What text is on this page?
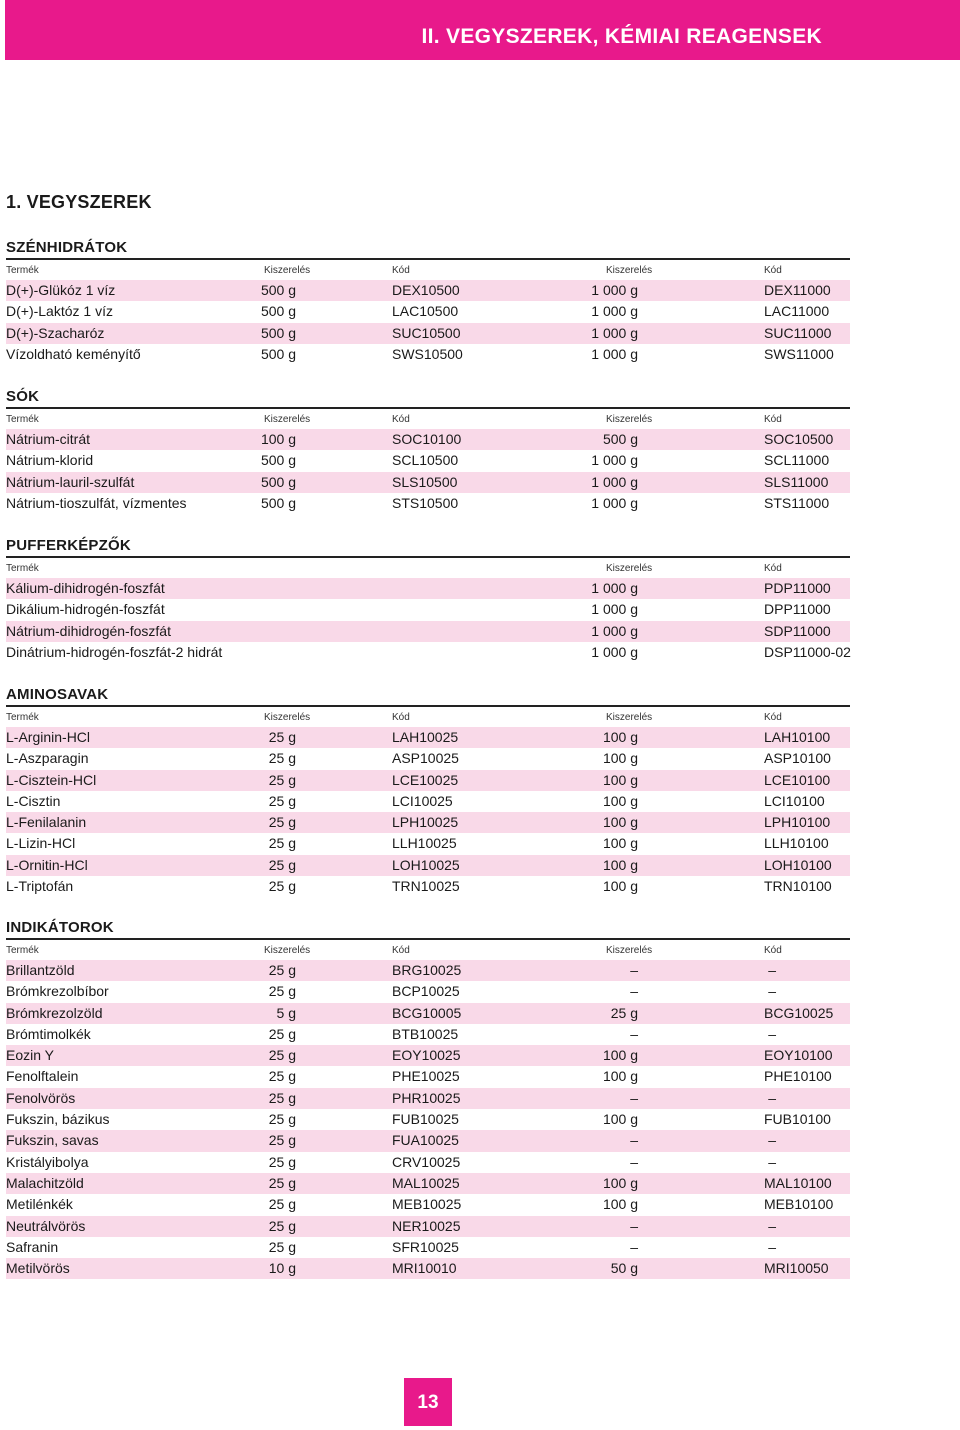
II. VEGYSZEREK, KÉMIAI REAGENSEK
1. VEGYSZEREK
SZÉNHIDRÁTOK
Termék	Kiszerelés	Kód	Kiszerelés	Kód
D(+)-Glükóz 1 víz	500 g	DEX10500	1 000 g	DEX11000
D(+)-Laktóz 1 víz	500 g	LAC10500	1 000 g	LAC11000
D(+)-Szacharóz	500 g	SUC10500	1 000 g	SUC11000
Vízoldható keményítő	500 g	SWS10500	1 000 g	SWS11000
SÓK
Termék	Kiszerelés	Kód	Kiszerelés	Kód
Nátrium-citrát	100 g	SOC10100	500 g	SOC10500
Nátrium-klorid	500 g	SCL10500	1 000 g	SCL11000
Nátrium-lauril-szulfát	500 g	SLS10500	1 000 g	SLS11000
Nátrium-tioszulfát, vízmentes	500 g	STS10500	1 000 g	STS11000
PUFFERKÉPZŐK
Termék	Kiszerelés	Kód
Kálium-dihidrogén-foszfát	1 000 g	PDP11000
Dikálium-hidrogén-foszfát	1 000 g	DPP11000
Nátrium-dihidrogén-foszfát	1 000 g	SDP11000
Dinátrium-hidrogén-foszfát-2 hidrát	1 000 g	DSP11000-02
AMINOSAVAK
Termék	Kiszerelés	Kód	Kiszerelés	Kód
L-Arginin-HCl	25 g	LAH10025	100 g	LAH10100
L-Aszparagin	25 g	ASP10025	100 g	ASP10100
L-Cisztein-HCl	25 g	LCE10025	100 g	LCE10100
L-Cisztin	25 g	LCI10025	100 g	LCI10100
L-Fenilalanin	25 g	LPH10025	100 g	LPH10100
L-Lizin-HCl	25 g	LLH10025	100 g	LLH10100
L-Ornitin-HCl	25 g	LOH10025	100 g	LOH10100
L-Triptofán	25 g	TRN10025	100 g	TRN10100
INDIKÁTOROK
Termék	Kiszerelés	Kód	Kiszerelés	Kód
Brillantzöld	25 g	BRG10025	–	–
Brómkrezolbíbor	25 g	BCP10025	–	–
Brómkrezolzöld	5 g	BCG10005	25 g	BCG10025
Brómtimolkék	25 g	BTB10025	–	–
Eozin Y	25 g	EOY10025	100 g	EOY10100
Fenolftalein	25 g	PHE10025	100 g	PHE10100
Fenolvörös	25 g	PHR10025	–	–
Fukszin, bázikus	25 g	FUB10025	100 g	FUB10100
Fukszin, savas	25 g	FUA10025	–	–
Kristályibolya	25 g	CRV10025	–	–
Malachitzöld	25 g	MAL10025	100 g	MAL10100
Metilénkék	25 g	MEB10025	100 g	MEB10100
Neutrálvörös	25 g	NER10025	–	–
Safranin	25 g	SFR10025	–	–
Metilvörös	10 g	MRI10010	50 g	MRI10050
13
